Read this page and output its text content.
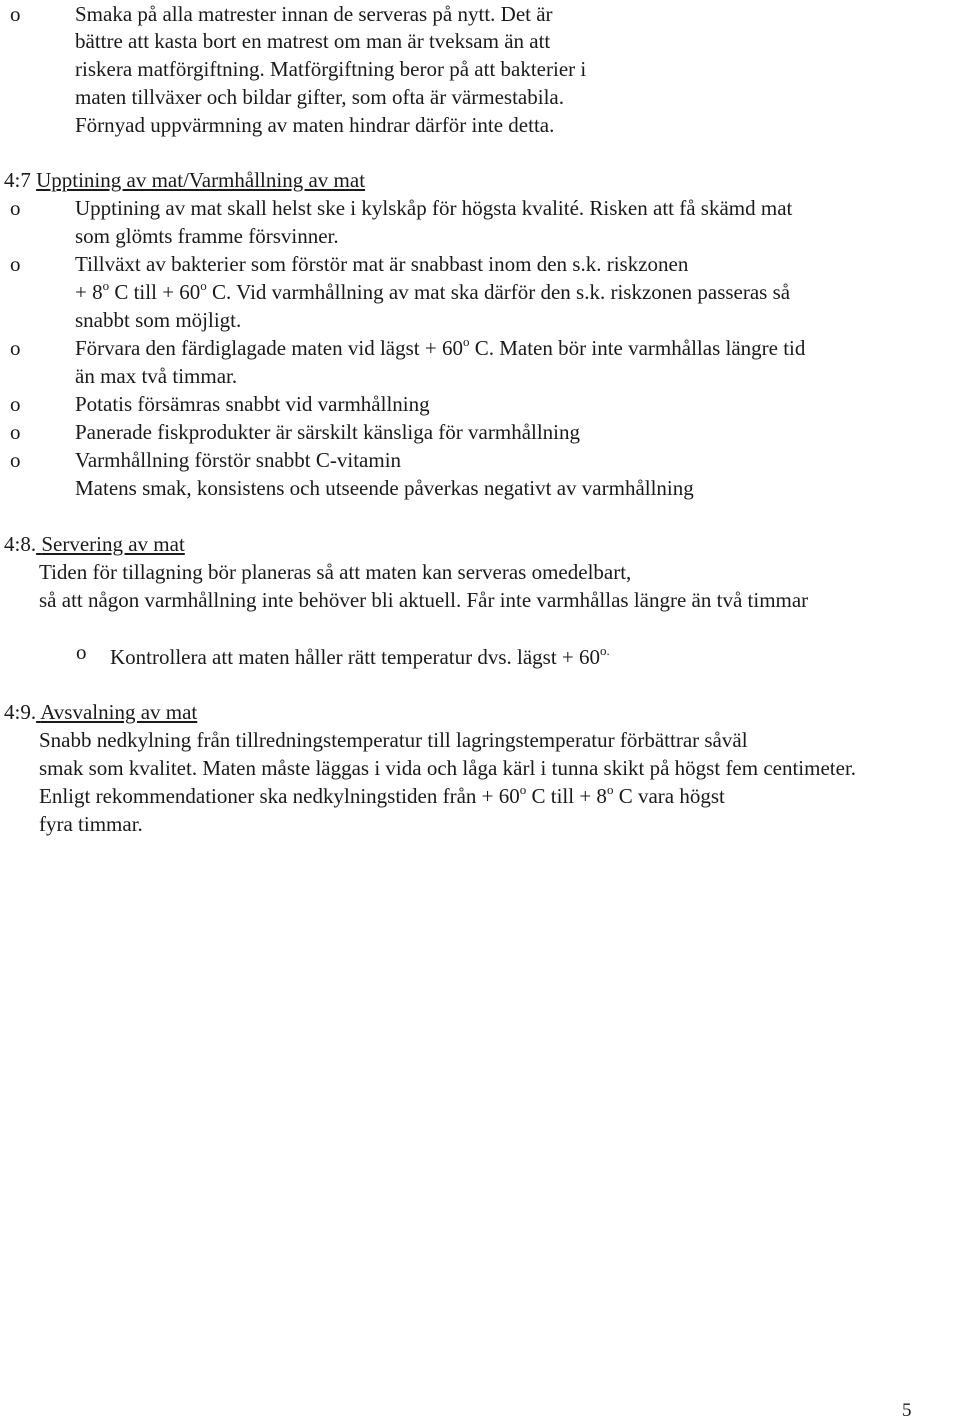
o	Smaka på alla matrester innan de serveras på nytt. Det är
bättre att kasta bort en matrest om man är tveksam än att
riskera matförgiftning. Matförgiftning beror på att bakterier i
maten tillväxer och bildar gifter, som ofta är värmestabila.
Förnyad uppvärmning av maten hindrar därför inte detta.
4:7 Upptining av mat/Varmhållning av mat
o	Upptining av mat skall helst ske i kylskåp för högsta kvalité. Risken att få skämd mat
som glömts framme försvinner.
o	Tillväxt av bakterier som förstör mat är snabbast inom den s.k. riskzonen
+ $8^o$ C till + $60^o$ C. Vid varmhållning av mat ska därför den s.k. riskzonen passeras så
snabbt som möjligt.
o	Förvara den färdiglagade maten vid lägst + $60^o$ C. Maten bör inte varmhållas längre tid
än max två timmar.
o	Potatis försämras snabbt vid varmhållning
o	Panerade fiskprodukter är särskilt känsliga för varmhållning
o	Varmhållning förstör snabbt C-vitamin
Matens smak, konsistens och utseende påverkas negativt av varmhållning
4:8. Servering av mat
Tiden för tillagning bör planeras så att maten kan serveras omedelbart,
så att någon varmhållning inte behöver bli aktuell. Får inte varmhållas längre än två timmar
o Kontrollera att maten håller rätt temperatur dvs. lägst + $60^{o.}$
4:9. Avsvalning av mat
Snabb nedkylning från tillredningstemperatur till lagringstemperatur förbättrar såväl
smak som kvalitet. Maten måste läggas i vida och låga kärl i tunna skikt på högst fem centimeter.
Enligt rekommendationer ska nedkylningstiden från + $60^o$ C till + $8^o$ C vara högst
fyra timmar.
5
